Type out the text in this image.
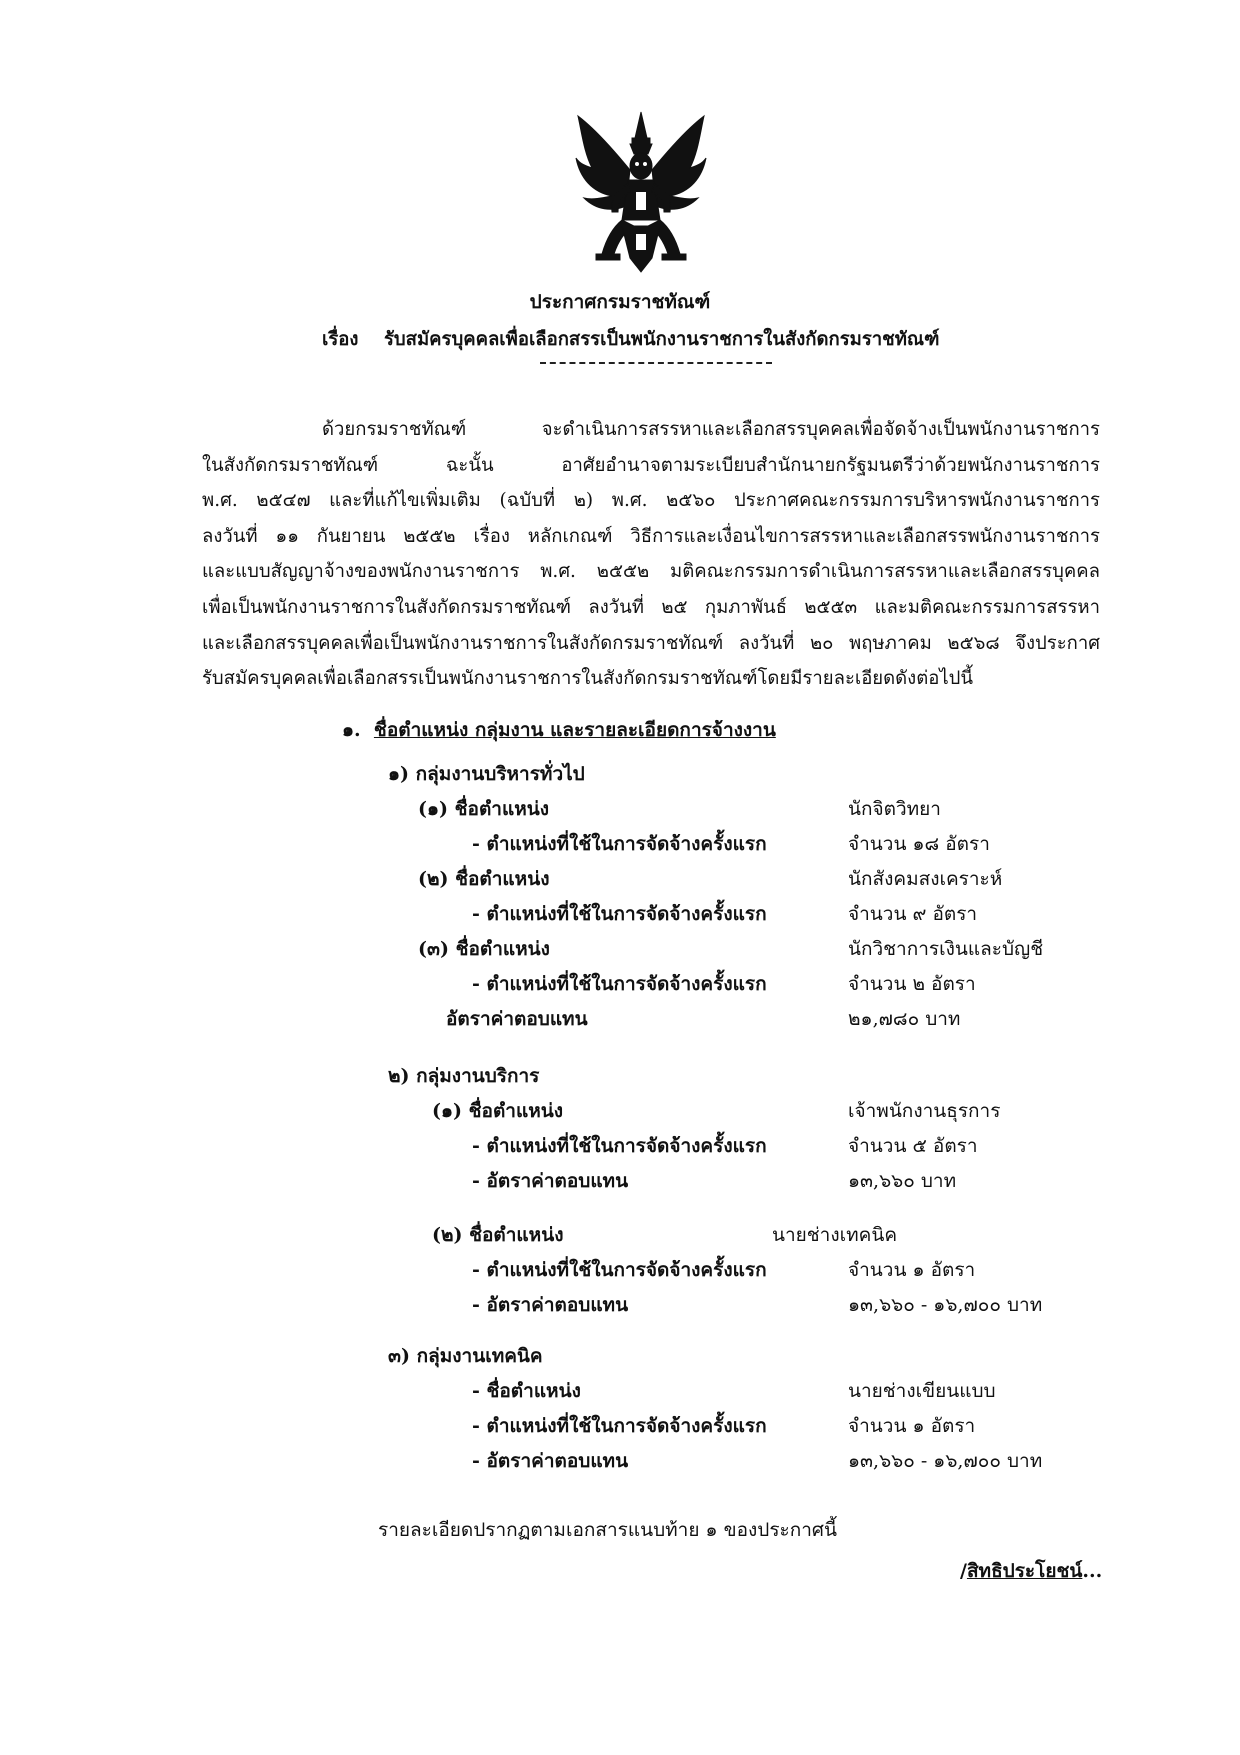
ประกาศกรมราชทัณฑ์
เรื่อง รับสมัครบุคคลเพื่อเลือกสรรเป็นพนักงานราชการในสังกัดกรมราชทัณฑ์
ด้วยกรมราชทัณฑ์ จะดำเนินการสรรหาและเลือกสรรบุคคลเพื่อจัดจ้างเป็นพนักงานราชการ
ในสังกัดกรมราชทัณฑ์ ฉะนั้น อาศัยอำนาจตามระเบียบสำนักนายกรัฐมนตรีว่าด้วยพนักงานราชการ
พ.ศ. ๒๕๔๗ และที่แก้ไขเพิ่มเติม (ฉบับที่ ๒) พ.ศ. ๒๕๖๐ ประกาศคณะกรรมการบริหารพนักงานราชการ
ลงวันที่ ๑๑ กันยายน ๒๕๕๒ เรื่อง หลักเกณฑ์ วิธีการและเงื่อนไขการสรรหาและเลือกสรรพนักงานราชการ
และแบบสัญญาจ้างของพนักงานราชการ พ.ศ. ๒๕๕๒ มติคณะกรรมการดำเนินการสรรหาและเลือกสรรบุคคล
เพื่อเป็นพนักงานราชการในสังกัดกรมราชทัณฑ์ ลงวันที่ ๒๕ กุมภาพันธ์ ๒๕๕๓ และมติคณะกรรมการสรรหา
และเลือกสรรบุคคลเพื่อเป็นพนักงานราชการในสังกัดกรมราชทัณฑ์ ลงวันที่ ๒๐ พฤษภาคม ๒๕๖๘ จึงประกาศ
รับสมัครบุคคลเพื่อเลือกสรรเป็นพนักงานราชการในสังกัดกรมราชทัณฑ์โดยมีรายละเอียดดังต่อไปนี้
๑. ชื่อตำแหน่ง กลุ่มงาน และรายละเอียดการจ้างงาน
๑) กลุ่มงานบริหารทั่วไป
(๑) ชื่อตำแหน่ง	นักจิตวิทยา
- ตำแหน่งที่ใช้ในการจัดจ้างครั้งแรก	จำนวน ๑๘ อัตรา
(๒) ชื่อตำแหน่ง	นักสังคมสงเคราะห์
- ตำแหน่งที่ใช้ในการจัดจ้างครั้งแรก	จำนวน ๙ อัตรา
(๓) ชื่อตำแหน่ง	นักวิชาการเงินและบัญชี
- ตำแหน่งที่ใช้ในการจัดจ้างครั้งแรก	จำนวน ๒ อัตรา
อัตราค่าตอบแทน	๒๑,๗๘๐ บาท
๒) กลุ่มงานบริการ
(๑) ชื่อตำแหน่ง	เจ้าพนักงานธุรการ
- ตำแหน่งที่ใช้ในการจัดจ้างครั้งแรก	จำนวน ๕ อัตรา
- อัตราค่าตอบแทน	๑๓,๖๖๐ บาท
(๒) ชื่อตำแหน่ง	นายช่างเทคนิค
- ตำแหน่งที่ใช้ในการจัดจ้างครั้งแรก	จำนวน ๑ อัตรา
- อัตราค่าตอบแทน	๑๓,๖๖๐ - ๑๖,๗๐๐ บาท
๓) กลุ่มงานเทคนิค
- ชื่อตำแหน่ง	นายช่างเขียนแบบ
- ตำแหน่งที่ใช้ในการจัดจ้างครั้งแรก	จำนวน ๑ อัตรา
- อัตราค่าตอบแทน	๑๓,๖๖๐ - ๑๖,๗๐๐ บาท
รายละเอียดปรากฏตามเอกสารแนบท้าย ๑ ของประกาศนี้
/สิทธิประโยชน์...
